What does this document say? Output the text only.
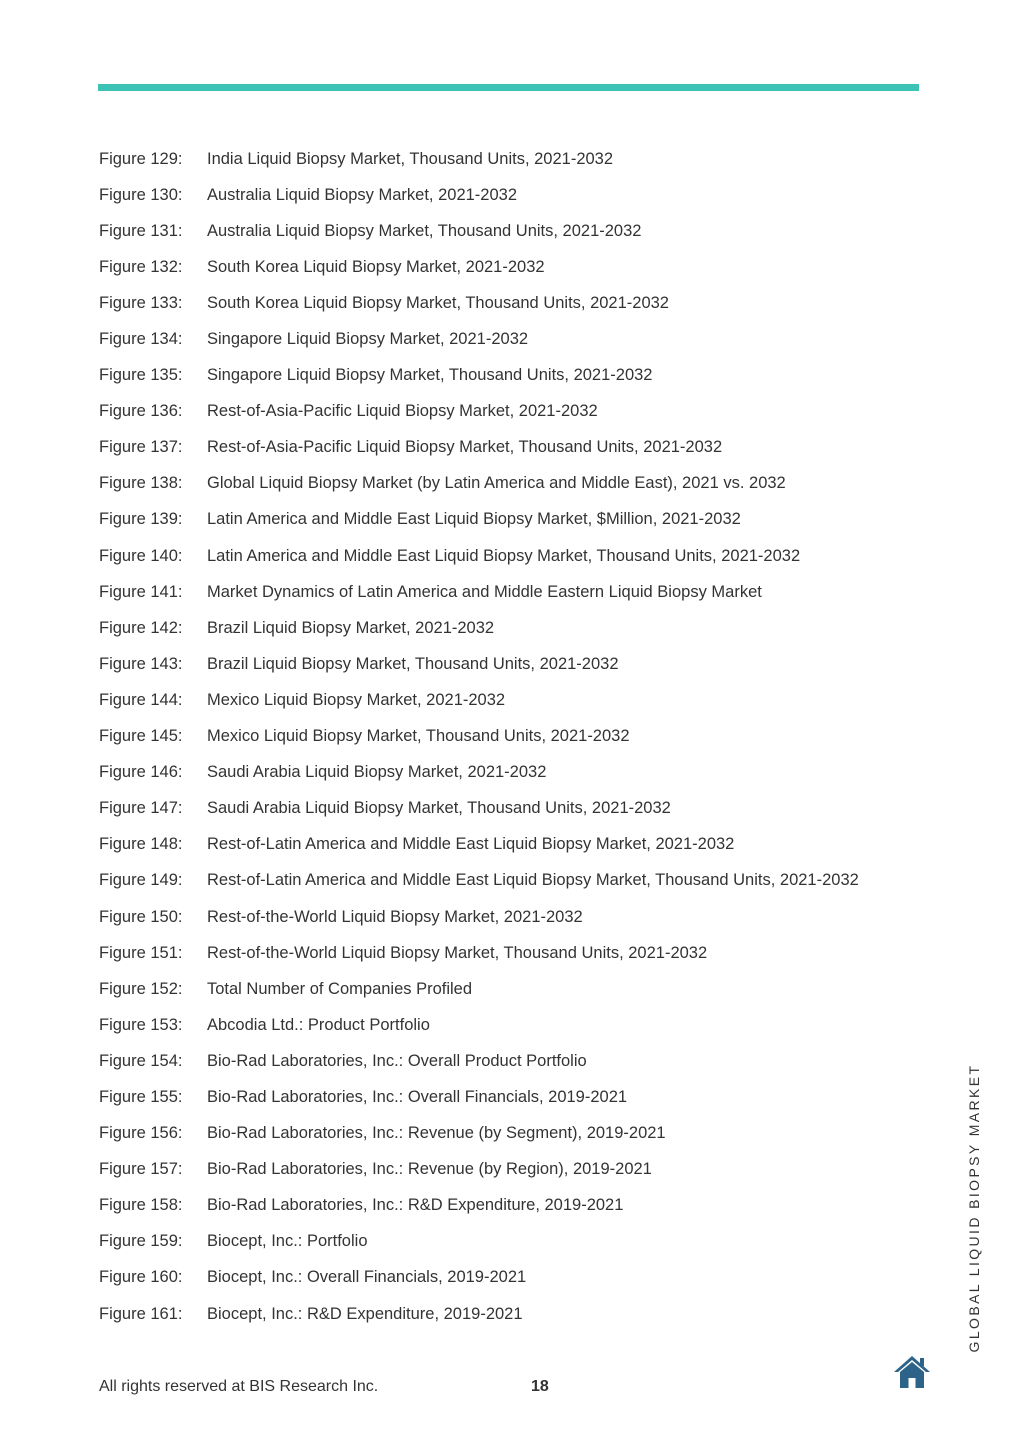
Figure 129:	India Liquid Biopsy Market, Thousand Units, 2021-2032
Figure 130:	Australia Liquid Biopsy Market, 2021-2032
Figure 131:	Australia Liquid Biopsy Market, Thousand Units, 2021-2032
Figure 132:	South Korea Liquid Biopsy Market, 2021-2032
Figure 133:	South Korea Liquid Biopsy Market, Thousand Units, 2021-2032
Figure 134:	Singapore Liquid Biopsy Market, 2021-2032
Figure 135:	Singapore Liquid Biopsy Market, Thousand Units, 2021-2032
Figure 136:	Rest-of-Asia-Pacific Liquid Biopsy Market, 2021-2032
Figure 137:	Rest-of-Asia-Pacific Liquid Biopsy Market, Thousand Units, 2021-2032
Figure 138:	Global Liquid Biopsy Market (by Latin America and Middle East), 2021 vs. 2032
Figure 139:	Latin America and Middle East Liquid Biopsy Market, $Million, 2021-2032
Figure 140:	Latin America and Middle East Liquid Biopsy Market, Thousand Units, 2021-2032
Figure 141:	Market Dynamics of Latin America and Middle Eastern Liquid Biopsy Market
Figure 142:	Brazil Liquid Biopsy Market, 2021-2032
Figure 143:	Brazil Liquid Biopsy Market, Thousand Units, 2021-2032
Figure 144:	Mexico Liquid Biopsy Market, 2021-2032
Figure 145:	Mexico Liquid Biopsy Market, Thousand Units, 2021-2032
Figure 146:	Saudi Arabia Liquid Biopsy Market, 2021-2032
Figure 147:	Saudi Arabia Liquid Biopsy Market, Thousand Units, 2021-2032
Figure 148:	Rest-of-Latin America and Middle East Liquid Biopsy Market, 2021-2032
Figure 149:	Rest-of-Latin America and Middle East Liquid Biopsy Market, Thousand Units, 2021-2032
Figure 150:	Rest-of-the-World Liquid Biopsy Market, 2021-2032
Figure 151:	Rest-of-the-World Liquid Biopsy Market, Thousand Units, 2021-2032
Figure 152:	Total Number of Companies Profiled
Figure 153:	Abcodia Ltd.: Product Portfolio
Figure 154:	Bio-Rad Laboratories, Inc.: Overall Product Portfolio
Figure 155:	Bio-Rad Laboratories, Inc.: Overall Financials, 2019-2021
Figure 156:	Bio-Rad Laboratories, Inc.: Revenue (by Segment), 2019-2021
Figure 157:	Bio-Rad Laboratories, Inc.: Revenue (by Region), 2019-2021
Figure 158:	Bio-Rad Laboratories, Inc.: R&D Expenditure, 2019-2021
Figure 159:	Biocept, Inc.: Portfolio
Figure 160:	Biocept, Inc.: Overall Financials, 2019-2021
Figure 161:	Biocept, Inc.: R&D Expenditure, 2019-2021	GLOBAL LIQUID BIOPSY MARKET
All rights reserved at BIS Research Inc.	18
